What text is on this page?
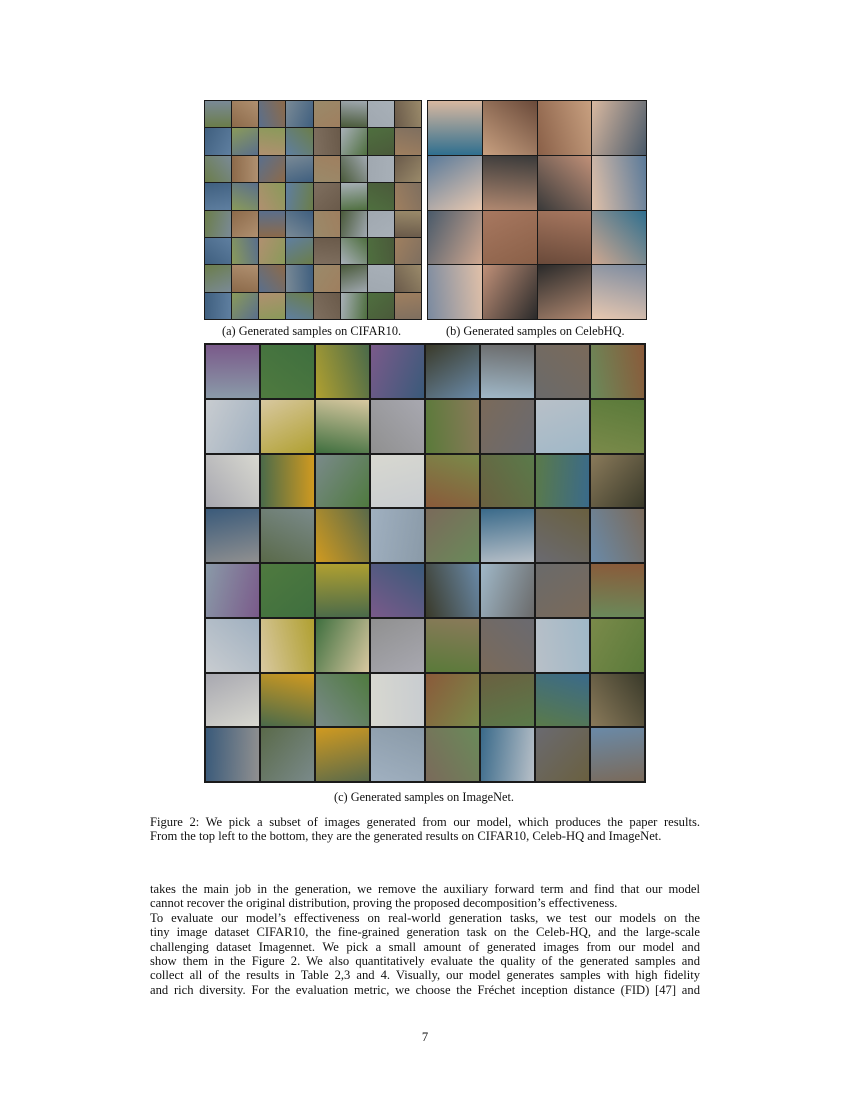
(a) Generated samples on CIFAR10.	(b) Generated samples on CelebHQ.
(c) Generated samples on ImageNet.
Figure 2: We pick a subset of images generated from our model, which produces the paper results.
From the top left to the bottom, they are the generated results on CIFAR10, Celeb-HQ and ImageNet.
takes the main job in the generation, we remove the auxiliary forward term and find that our model
cannot recover the original distribution, proving the proposed decomposition’s effectiveness.
To evaluate our model’s effectiveness on real-world generation tasks, we test our models on the
tiny image dataset CIFAR10, the fine-grained generation task on the Celeb-HQ, and the large-scale
challenging dataset Imagennet. We pick a small amount of generated images from our model and
show them in the Figure 2. We also quantitatively evaluate the quality of the generated samples and
collect all of the results in Table 2,3 and 4. Visually, our model generates samples with high fidelity
and rich diversity. For the evaluation metric, we choose the Fréchet inception distance (FID) [47] and
7
